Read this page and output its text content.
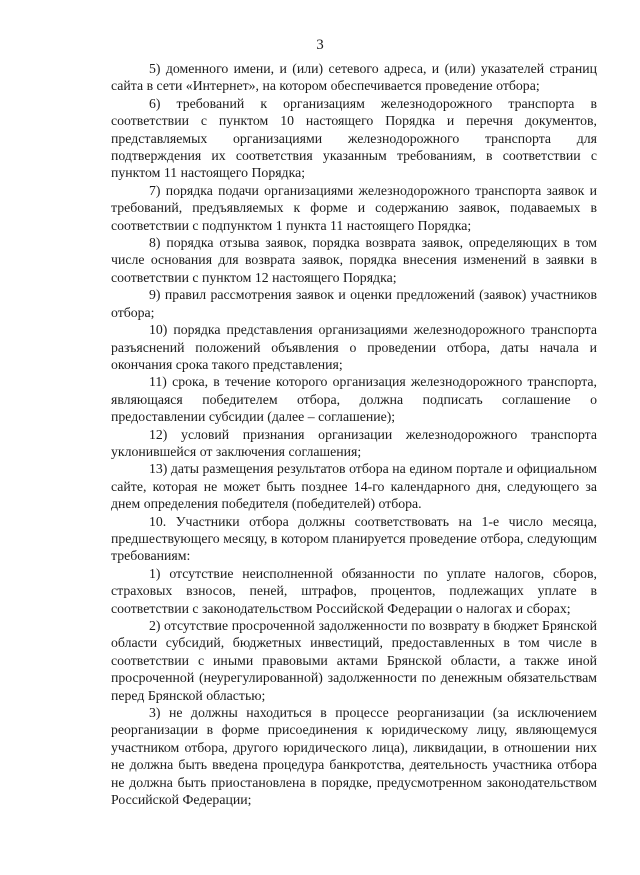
3

5) доменного имени, и (или) сетевого адреса, и (или) указателей страниц сайта в сети «Интернет», на котором обеспечивается проведение отбора;

6) требований к организациям железнодорожного транспорта в соответствии с пунктом 10 настоящего Порядка и перечня документов, представляемых организациями железнодорожного транспорта для подтверждения их соответствия указанным требованиям, в соответствии с пунктом 11 настоящего Порядка;

7) порядка подачи организациями железнодорожного транспорта заявок и требований, предъявляемых к форме и содержанию заявок, подаваемых в соответствии с подпунктом 1 пункта 11 настоящего Порядка;

8) порядка отзыва заявок, порядка возврата заявок, определяющих в том числе основания для возврата заявок, порядка внесения изменений в заявки в соответствии с пунктом 12 настоящего Порядка;

9) правил рассмотрения заявок и оценки предложений (заявок) участников отбора;

10) порядка представления организациями железнодорожного транспорта разъяснений положений объявления о проведении отбора, даты начала и окончания срока такого представления;

11) срока, в течение которого организация железнодорожного транспорта, являющаяся победителем отбора, должна подписать соглашение о предоставлении субсидии (далее – соглашение);

12) условий признания организации железнодорожного транспорта уклонившейся от заключения соглашения;

13) даты размещения результатов отбора на едином портале и официальном сайте, которая не может быть позднее 14-го календарного дня, следующего за днем определения победителя (победителей) отбора.

10. Участники отбора должны соответствовать на 1-е число месяца, предшествующего месяцу, в котором планируется проведение отбора, следующим требованиям:

1) отсутствие неисполненной обязанности по уплате налогов, сборов, страховых взносов, пеней, штрафов, процентов, подлежащих уплате в соответствии с законодательством Российской Федерации о налогах и сборах;

2) отсутствие просроченной задолженности по возврату в бюджет Брянской области субсидий, бюджетных инвестиций, предоставленных в том числе в соответствии с иными правовыми актами Брянской области, а также иной просроченной (неурегулированной) задолженности по денежным обязательствам перед Брянской областью;

3) не должны находиться в процессе реорганизации (за исключением реорганизации в форме присоединения к юридическому лицу, являющемуся участником отбора, другого юридического лица), ликвидации, в отношении них не должна быть введена процедура банкротства, деятельность участника отбора не должна быть приостановлена в порядке, предусмотренном законодательством Российской Федерации;
